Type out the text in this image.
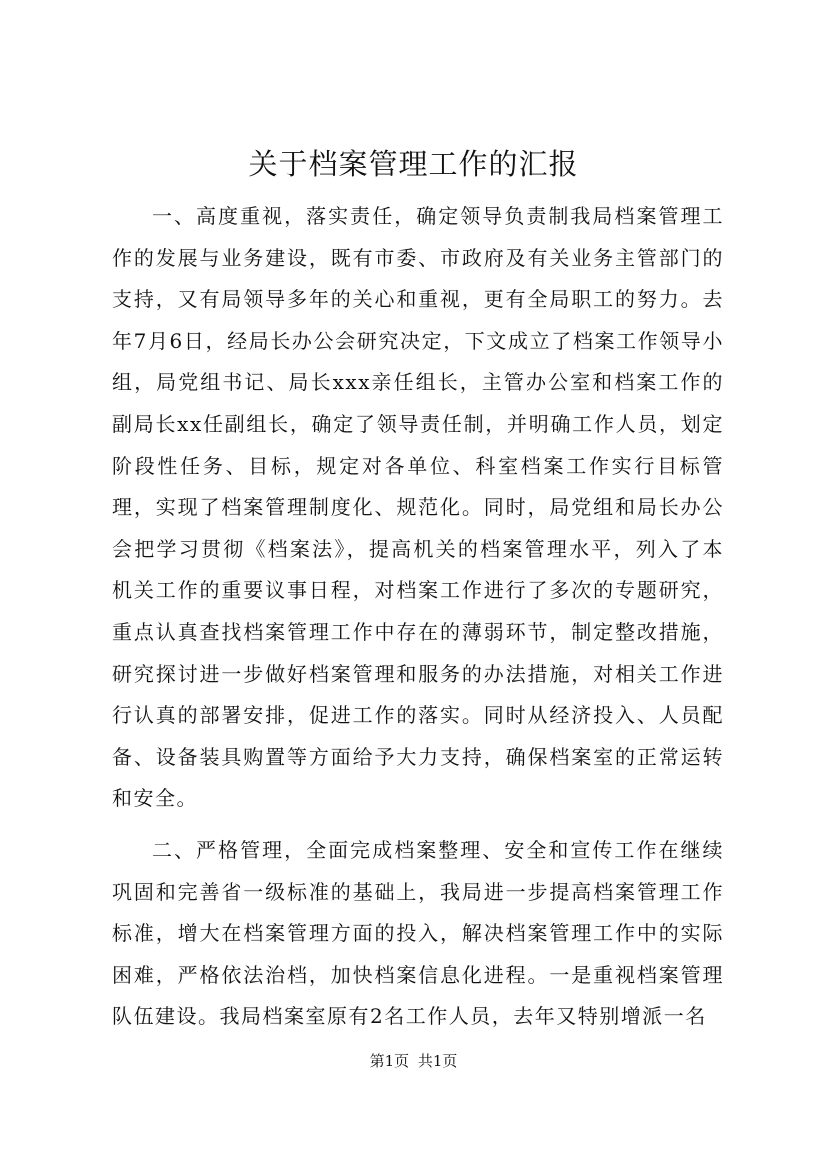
关于档案管理工作的汇报

一、高度重视，落实责任，确定领导负责制我局档案管理工作的发展与业务建设，既有市委、市政府及有关业务主管部门的支持，又有局领导多年的关心和重视，更有全局职工的努力。去年7月6日，经局长办公会研究决定，下文成立了档案工作领导小组，局党组书记、局长xxx亲任组长，主管办公室和档案工作的副局长xx任副组长，确定了领导责任制，并明确工作人员，划定阶段性任务、目标，规定对各单位、科室档案工作实行目标管理，实现了档案管理制度化、规范化。同时，局党组和局长办公会把学习贯彻《档案法》，提高机关的档案管理水平，列入了本机关工作的重要议事日程，对档案工作进行了多次的专题研究，重点认真查找档案管理工作中存在的薄弱环节，制定整改措施，研究探讨进一步做好档案管理和服务的办法措施，对相关工作进行认真的部署安排，促进工作的落实。同时从经济投入、人员配备、设备装具购置等方面给予大力支持，确保档案室的正常运转和安全。

二、严格管理，全面完成档案整理、安全和宣传工作在继续巩固和完善省一级标准的基础上，我局进一步提高档案管理工作标准，增大在档案管理方面的投入，解决档案管理工作中的实际困难，严格依法治档，加快档案信息化进程。一是重视档案管理队伍建设。我局档案室原有2名工作人员，去年又特别增派一名

第1页 共1页
